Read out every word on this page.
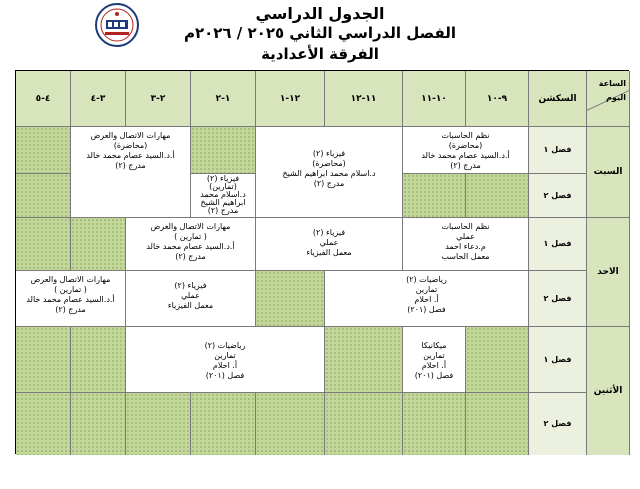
الجدول الدراسي
الفصل الدراسي الثاني ٢٠٢٥ / ٢٠٢٦م
الفرقة الأعدادية
الساعة
اليوم
السكشن
٩-١٠
١٠-١١
١١-١٢
١٢-١
١-٢
٢-٣
٣-٤
٤-٥
السبت
الاحد
الأثنين
فصل ١
فصل ٢
فصل ١
فصل ٢
فصل ١
فصل ٢
نظم الحاسبات
(محاضرة)
أ.د.السيد عصام محمد خالد
مدرج (٢)
فيزياء (٢)
(محاضرة)
د.اسلام محمد ابراهيم الشيخ
مدرج (٢)
فيزياء (٢)
(تمارين)
د.اسلام محمد
ابراهيم الشيخ
مدرج (٢)
مهارات الاتصال والعرض
(محاضرة)
أ.د.السيد عصام محمد خالد
مدرج (٢)
نظم الحاسبات
عملي
م.دعاء احمد
معمل الحاسب
فيزياء (٢)
عملي
معمل الفيزياء
مهارات الاتصال والعرض
( تمارين )
أ.د.السيد عصام محمد خالد
مدرج (٢)
رياضيات (٢)
تمارين
أ. احلام
فصل (٢٠١)
فيزياء (٢)
عملي
معمل الفيزياء
مهارات الاتصال والعرض
( تمارين )
أ.د.السيد عصام محمد خالد
مدرج (٢)
ميكانيكا
تمارين
أ. احلام
فصل (٢٠١)
رياضيات (٢)
تمارين
أ. احلام
فصل (٢٠١)
